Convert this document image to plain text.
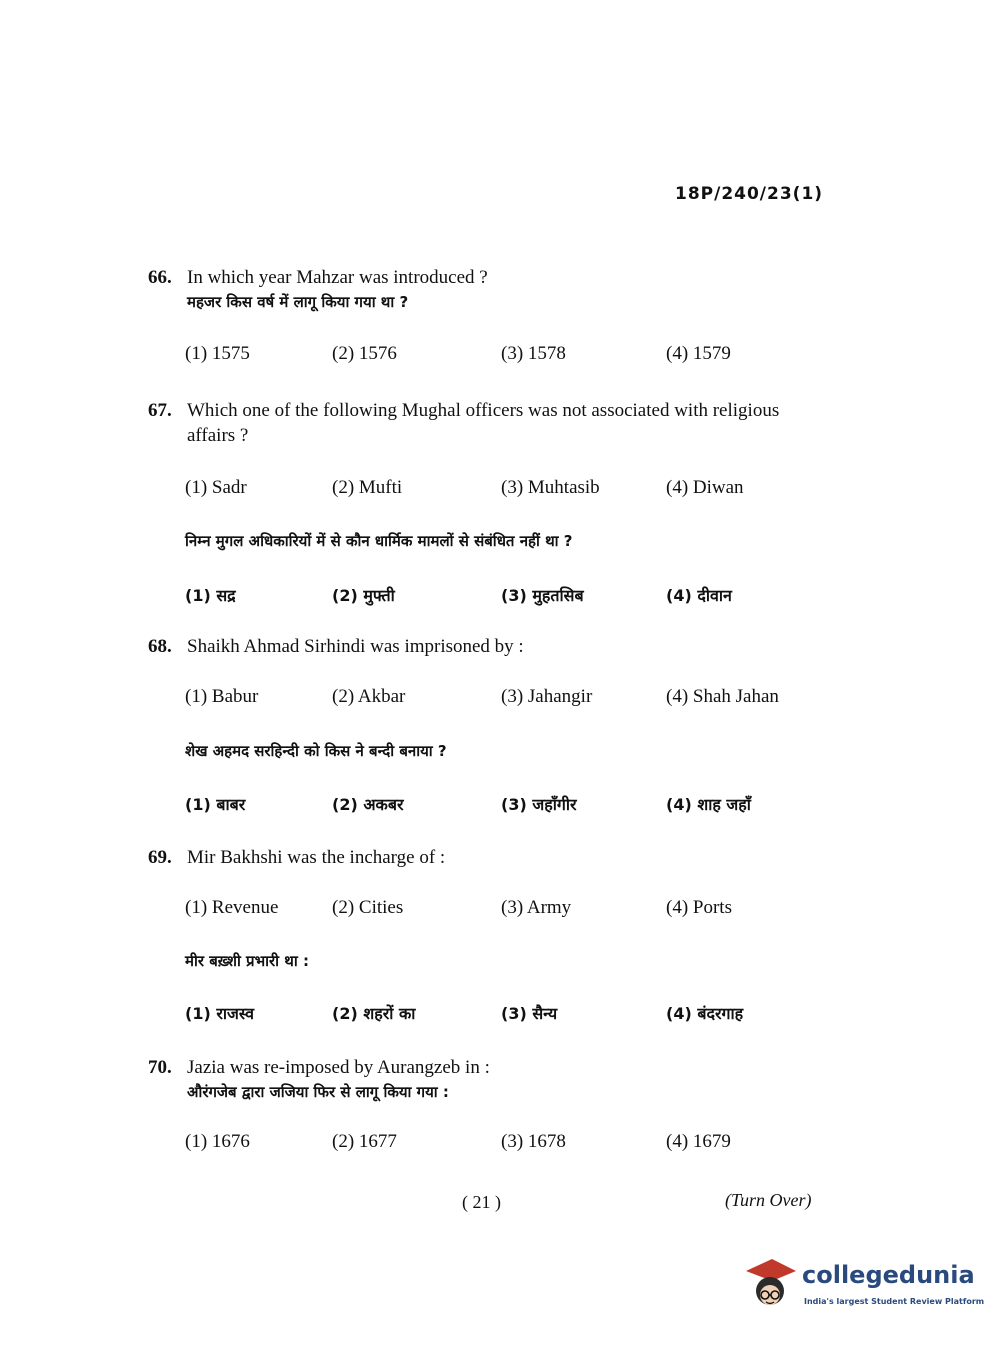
18P/240/23(1)
66. In which year Mahzar was introduced ?
महजर किस वर्ष में लागू किया गया था ?
(1) 1575	(2) 1576	(3) 1578	(4) 1579
67. Which one of the following Mughal officers was not associated with religious
affairs ?
(1) Sadr	(2) Mufti	(3) Muhtasib	(4) Diwan
निम्न मुगल अधिकारियों में से कौन धार्मिक मामलों से संबंधित नहीं था ?
(1) सद्र	(2) मुफ्ती	(3) मुहतसिब	(4) दीवान
68. Shaikh Ahmad Sirhindi was imprisoned by :
(1) Babur	(2) Akbar	(3) Jahangir	(4) Shah Jahan
शेख अहमद सरहिन्दी को किस ने बन्दी बनाया ?
(1) बाबर	(2) अकबर	(3) जहाँगीर	(4) शाह जहाँ
69. Mir Bakhshi was the incharge of :
(1) Revenue	(2) Cities	(3) Army	(4) Ports
मीर बख़्शी प्रभारी था :
(1) राजस्व	(2) शहरों का	(3) सैन्य	(4) बंदरगाह
70. Jazia was re-imposed by Aurangzeb in :
औरंगजेब द्वारा जजिया फिर से लागू किया गया :
(1) 1676	(2) 1677	(3) 1678	(4) 1679
( 21 )	(Turn Over)
collegedunia
India's largest Student Review Platform
